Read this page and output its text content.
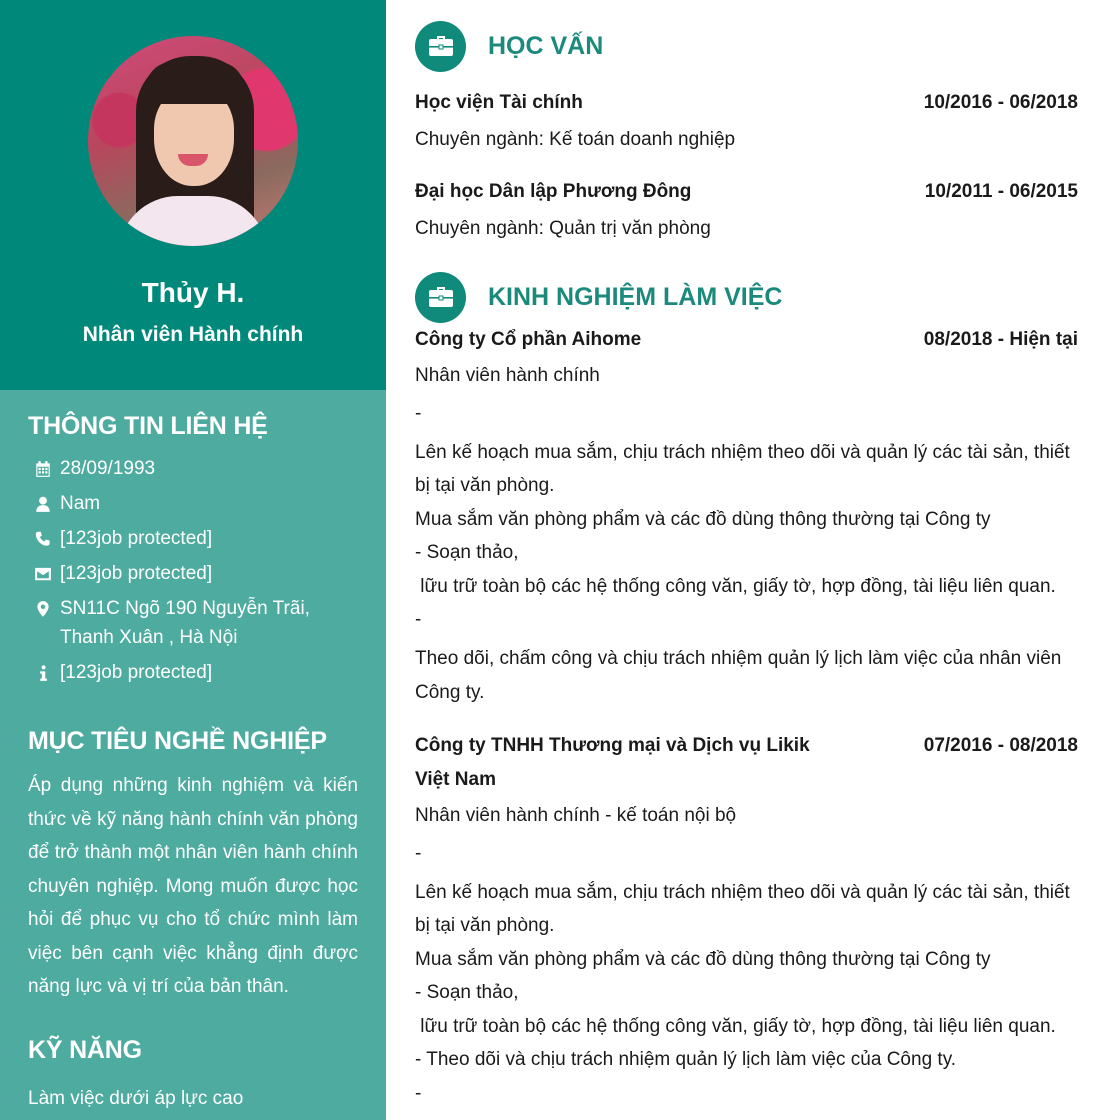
Thủy H.
Nhân viên Hành chính
THÔNG TIN LIÊN HỆ
28/09/1993
Nam
[123job protected]
[123job protected]
SN11C Ngõ 190 Nguyễn Trãi, Thanh Xuân , Hà Nội
[123job protected]
MỤC TIÊU NGHỀ NGHIỆP

Áp dụng những kinh nghiệm và kiến thức về kỹ năng hành chính văn phòng để trở thành một nhân viên hành chính chuyên nghiệp. Mong muốn được học hỏi để phục vụ cho tổ chức mình làm việc bên cạnh việc khẳng định được năng lực và vị trí của bản thân.

KỸ NĂNG
Làm việc dưới áp lực cao
HỌC VẤN
Học viện Tài chính	10/2016 - 06/2018
Chuyên ngành: Kế toán doanh nghiệp
Đại học Dân lập Phương Đông	10/2011 - 06/2015
Chuyên ngành: Quản trị văn phòng
KINH NGHIỆM LÀM VIỆC
Công ty Cổ phần Aihome	08/2018 - Hiện tại
Nhân viên hành chính
-
Lên kế hoạch mua sắm, chịu trách nhiệm theo dõi và quản lý các tài sản, thiết bị tại văn phòng.
Mua sắm văn phòng phẩm và các đồ dùng thông thường tại Công ty
- Soạn thảo,
lữu trữ toàn bộ các hệ thống công văn, giấy tờ, hợp đồng, tài liệu liên quan.
-
Theo dõi, chấm công và chịu trách nhiệm quản lý lịch làm việc của nhân viên Công ty.
Công ty TNHH Thương mại và Dịch vụ Likik Việt Nam
07/2016 - 08/2018
Nhân viên hành chính - kế toán nội bộ
-
Lên kế hoạch mua sắm, chịu trách nhiệm theo dõi và quản lý các tài sản, thiết bị tại văn phòng.
Mua sắm văn phòng phẩm và các đồ dùng thông thường tại Công ty
- Soạn thảo,
lữu trữ toàn bộ các hệ thống công văn, giấy tờ, hợp đồng, tài liệu liên quan.
- Theo dõi và chịu trách nhiệm quản lý lịch làm việc của Công ty.
-
